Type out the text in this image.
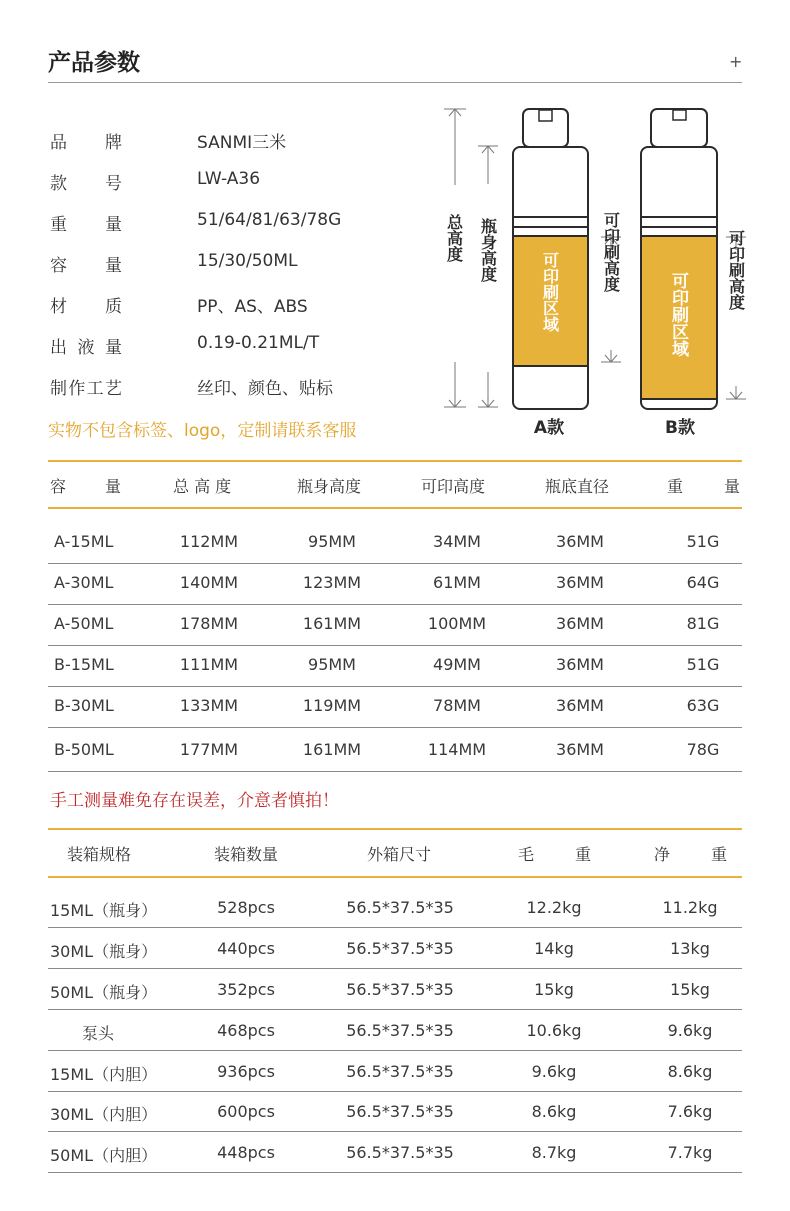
产品参数	+
品 牌	SANMI三米
款 号	LW-A36
重 量	51/64/81/63/78G
容 量	15/30/50ML
材 质	PP、AS、ABS
出 液 量	0.19-0.21ML/T
制作工艺	丝印、颜色、贴标
实物不包含标签、logo，定制请联系客服
总高度 瓶身高度
可印刷区域	可印刷高度
可印刷区域
可印刷高度
A款	B款
容 量	总 高 度	瓶身高度	可印高度	瓶底直径	重 量
A-15ML	112MM	95MM	34MM	36MM	51G
A-30ML	140MM	123MM	61MM	36MM	64G
A-50ML	178MM	161MM	100MM	36MM	81G
B-15ML	111MM	95MM	49MM	36MM	51G
B-30ML	133MM	119MM	78MM	36MM	63G
B-50ML	177MM	161MM	114MM	36MM	78G
手工测量难免存在误差，介意者慎拍！
装箱规格	装箱数量	外箱尺寸	毛 重	净 重
15ML（瓶身）	528pcs	56.5*37.5*35	12.2kg	11.2kg
30ML（瓶身）	440pcs	56.5*37.5*35	14kg	13kg
50ML（瓶身）	352pcs	56.5*37.5*35	15kg	15kg
泵头	468pcs	56.5*37.5*35	10.6kg	9.6kg
15ML（内胆）	936pcs	56.5*37.5*35	9.6kg	8.6kg
30ML（内胆）	600pcs	56.5*37.5*35	8.6kg	7.6kg
50ML（内胆）	448pcs	56.5*37.5*35	8.7kg	7.7kg
